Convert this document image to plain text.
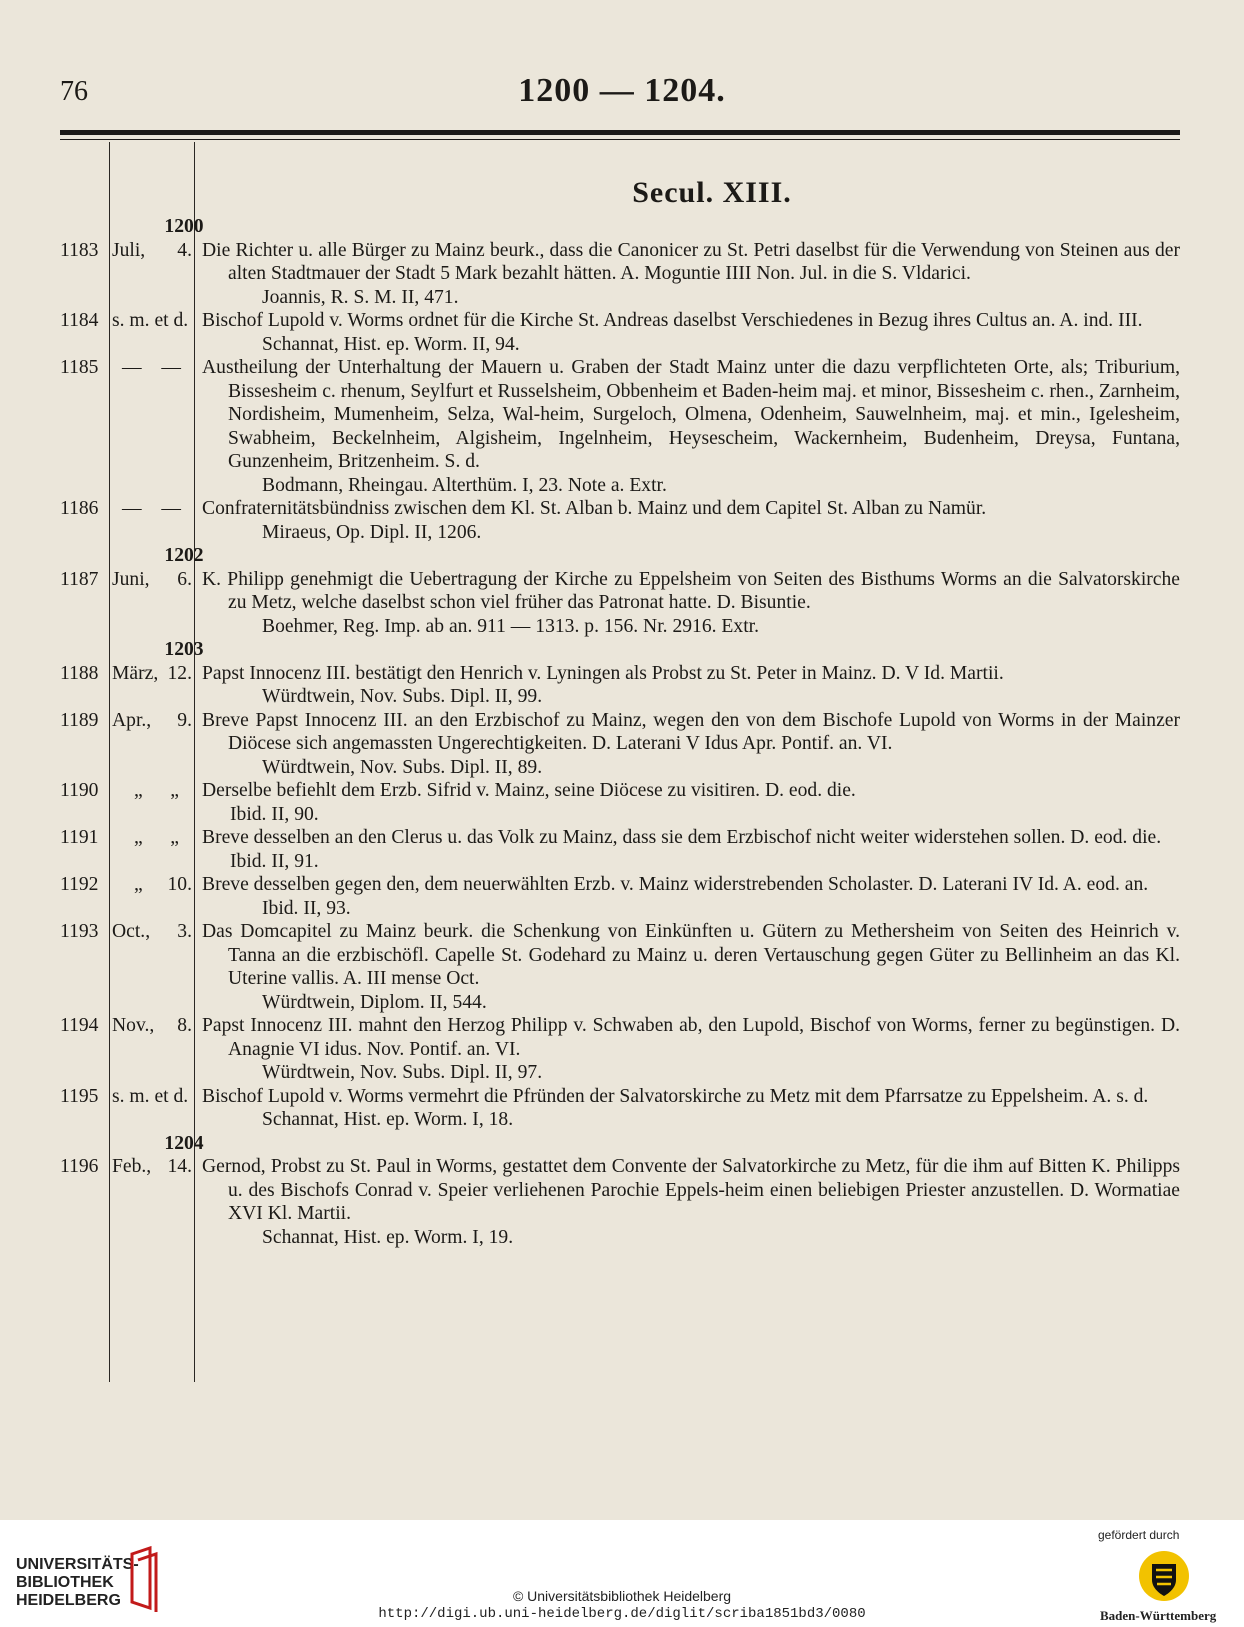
76	1200 — 1204.
Secul. XIII.
1200
1183 Juli, 4. Die Richter u. alle Bürger zu Mainz beurk., dass die Canonicer zu St. Petri daselbst für die Verwendung von Steinen aus der alten Stadtmauer der Stadt 5 Mark bezahlt hätten. A. Moguntie IIII Non. Jul. in die S. Vldarici.
Joannis, R. S. M. II, 471.
1184 s. m. et d. Bischof Lupold v. Worms ordnet für die Kirche St. Andreas daselbst Verschiedenes in Bezug ihres Cultus an. A. ind. III.
Schannat, Hist. ep. Worm. II, 94.
1185	— — Austheilung der Unterhaltung der Mauern u. Graben der Stadt Mainz unter die dazu verpflichteten Orte, als; Triburium, Bissesheim c. rhenum, Seylfurt et Russelsheim, Obbenheim et Baden-heim maj. et minor, Bissesheim c. rhen., Zarnheim, Nordisheim, Mumenheim, Selza, Wal-heim, Surgeloch, Olmena, Odenheim, Sauwelnheim, maj. et min., Igelesheim, Swabheim, Beckelnheim, Algisheim, Ingelnheim, Heysescheim, Wackernheim, Budenheim, Dreysa, Funtana, Gunzenheim, Britzenheim. S. d.
Bodmann, Rheingau. Alterthüm. I, 23. Note a. Extr.
1186	— — Confraternitätsbündniss zwischen dem Kl. St. Alban b. Mainz und dem Capitel St. Alban zu Namür.
Miraeus, Op. Dipl. II, 1206.
1202
1187 Juni, 6. K. Philipp genehmigt die Uebertragung der Kirche zu Eppelsheim von Seiten des Bisthums Worms an die Salvatorskirche zu Metz, welche daselbst schon viel früher das Patronat hatte. D. Bisuntie.
Boehmer, Reg. Imp. ab an. 911 — 1313. p. 156. Nr. 2916. Extr.
1203
1188 März, 12. Papst Innocenz III. bestätigt den Henrich v. Lyningen als Probst zu St. Peter in Mainz. D. V Id. Martii.
Würdtwein, Nov. Subs. Dipl. II, 99.
1189 Apr., 9. Breve Papst Innocenz III. an den Erzbischof zu Mainz, wegen den von dem Bischofe Lupold von Worms in der Mainzer Diöcese sich angemassten Ungerechtigkeiten. D. Laterani V Idus Apr. Pontif. an. VI.
Würdtwein, Nov. Subs. Dipl. II, 89.
1190	„ „ Derselbe befiehlt dem Erzb. Sifrid v. Mainz, seine Diöcese zu visitiren. D. eod. die.
Ibid. II, 90.
1191	„ „ Breve desselben an den Clerus u. das Volk zu Mainz, dass sie dem Erzbischof nicht weiter widerstehen sollen. D. eod. die.
Ibid. II, 91.
1192	„ 10. Breve desselben gegen den, dem neuerwählten Erzb. v. Mainz widerstrebenden Scholaster. D. Laterani IV Id. A. eod. an.
Ibid. II, 93.
1193 Oct., 3. Das Domcapitel zu Mainz beurk. die Schenkung von Einkünften u. Gütern zu Methersheim von Seiten des Heinrich v. Tanna an die erzbischöfl. Capelle St. Godehard zu Mainz u. deren Vertauschung gegen Güter zu Bellinheim an das Kl. Uterine vallis. A. III mense Oct.
Würdtwein, Diplom. II, 544.
1194 Nov., 8. Papst Innocenz III. mahnt den Herzog Philipp v. Schwaben ab, den Lupold, Bischof von Worms, ferner zu begünstigen. D. Anagnie VI idus. Nov. Pontif. an. VI.
Würdtwein, Nov. Subs. Dipl. II, 97.
1195 s. m. et d. Bischof Lupold v. Worms vermehrt die Pfründen der Salvatorskirche zu Metz mit dem Pfarrsatze zu Eppelsheim. A. s. d.
Schannat, Hist. ep. Worm. I, 18.
1204
1196 Feb., 14. Gernod, Probst zu St. Paul in Worms, gestattet dem Convente der Salvatorkirche zu Metz, für die ihm auf Bitten K. Philipps u. des Bischofs Conrad v. Speier verliehenen Parochie Eppels-heim einen beliebigen Priester anzustellen. D. Wormatiae XVI Kl. Martii.
Schannat, Hist. ep. Worm. I, 19.
UNIVERSITÄTS-
BIBLIOTHEK
HEIDELBERG	© Universitätsbibliothek Heidelberg
http://digi.ub.uni-heidelberg.de/diglit/scriba1851bd3/0080
gefördert durch
Baden-Württemberg
